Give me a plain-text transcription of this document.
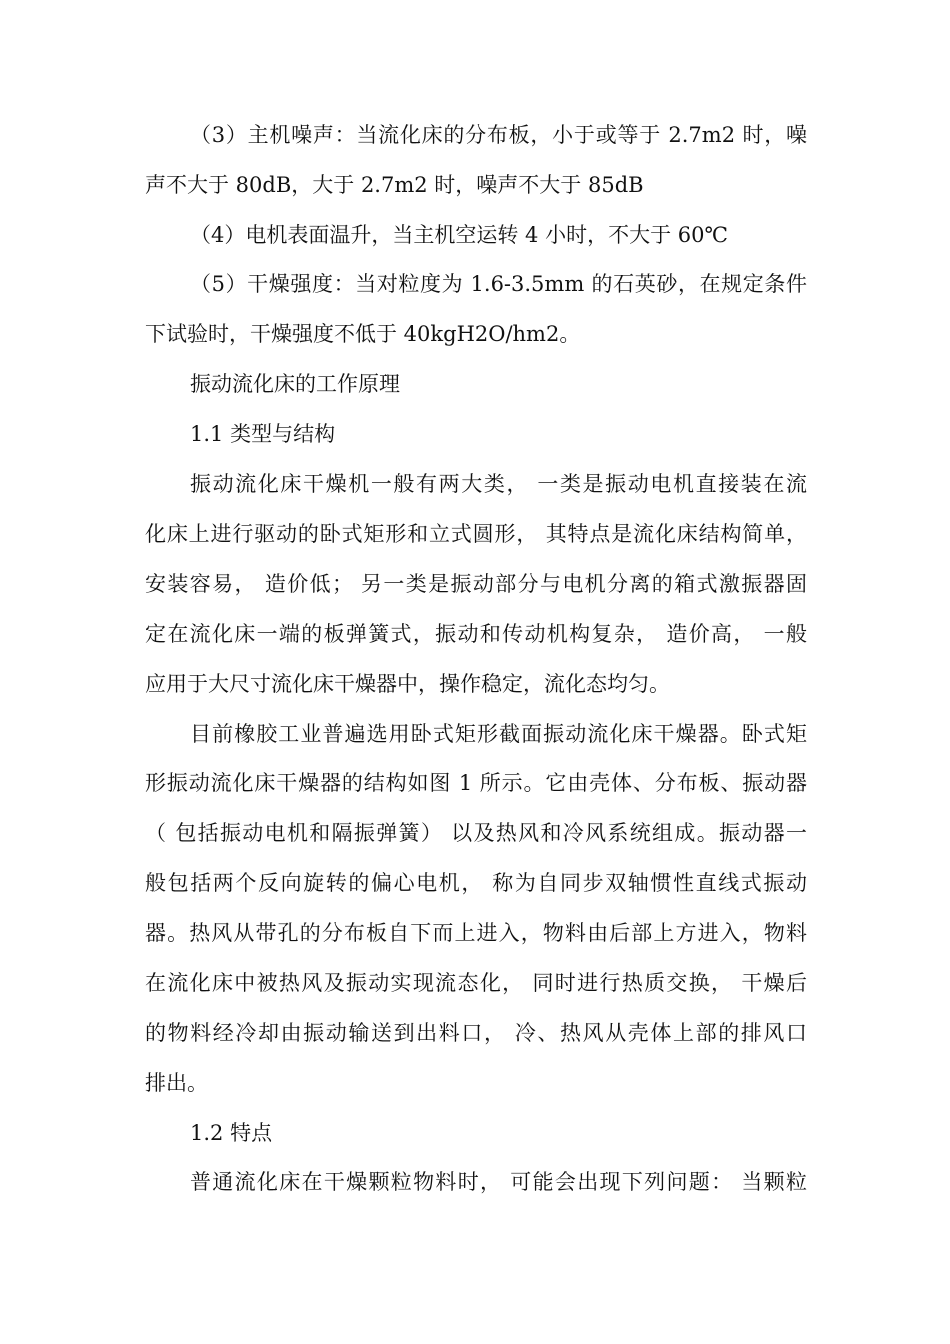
（3）主机噪声：当流化床的分布板，小于或等于 2.7m2 时，噪
声不大于 80dB，大于 2.7m2 时，噪声不大于 85dB
（4）电机表面温升，当主机空运转 4 小时，不大于 60℃
（5）干燥强度：当对粒度为 1.6-3.5mm 的石英砂，在规定条件
下试验时，干燥强度不低于 40kgH2O/hm2。
振动流化床的工作原理
1.1 类型与结构
振动流化床干燥机一般有两大类， 一类是振动电机直接装在流
化床上进行驱动的卧式矩形和立式圆形， 其特点是流化床结构简单，
安装容易， 造价低； 另一类是振动部分与电机分离的箱式激振器固
定在流化床一端的板弹簧式，振动和传动机构复杂， 造价高， 一般
应用于大尺寸流化床干燥器中，操作稳定，流化态均匀。
目前橡胶工业普遍选用卧式矩形截面振动流化床干燥器。卧式矩
形振动流化床干燥器的结构如图 1 所示。它由壳体、分布板、振动器
（ 包括振动电机和隔振弹簧） 以及热风和冷风系统组成。振动器一
般包括两个反向旋转的偏心电机， 称为自同步双轴惯性直线式振动
器。热风从带孔的分布板自下而上进入，物料由后部上方进入，物料
在流化床中被热风及振动实现流态化， 同时进行热质交换， 干燥后
的物料经冷却由振动输送到出料口， 冷、热风从壳体上部的排风口
排出。
1.2 特点
普通流化床在干燥颗粒物料时， 可能会出现下列问题： 当颗粒
